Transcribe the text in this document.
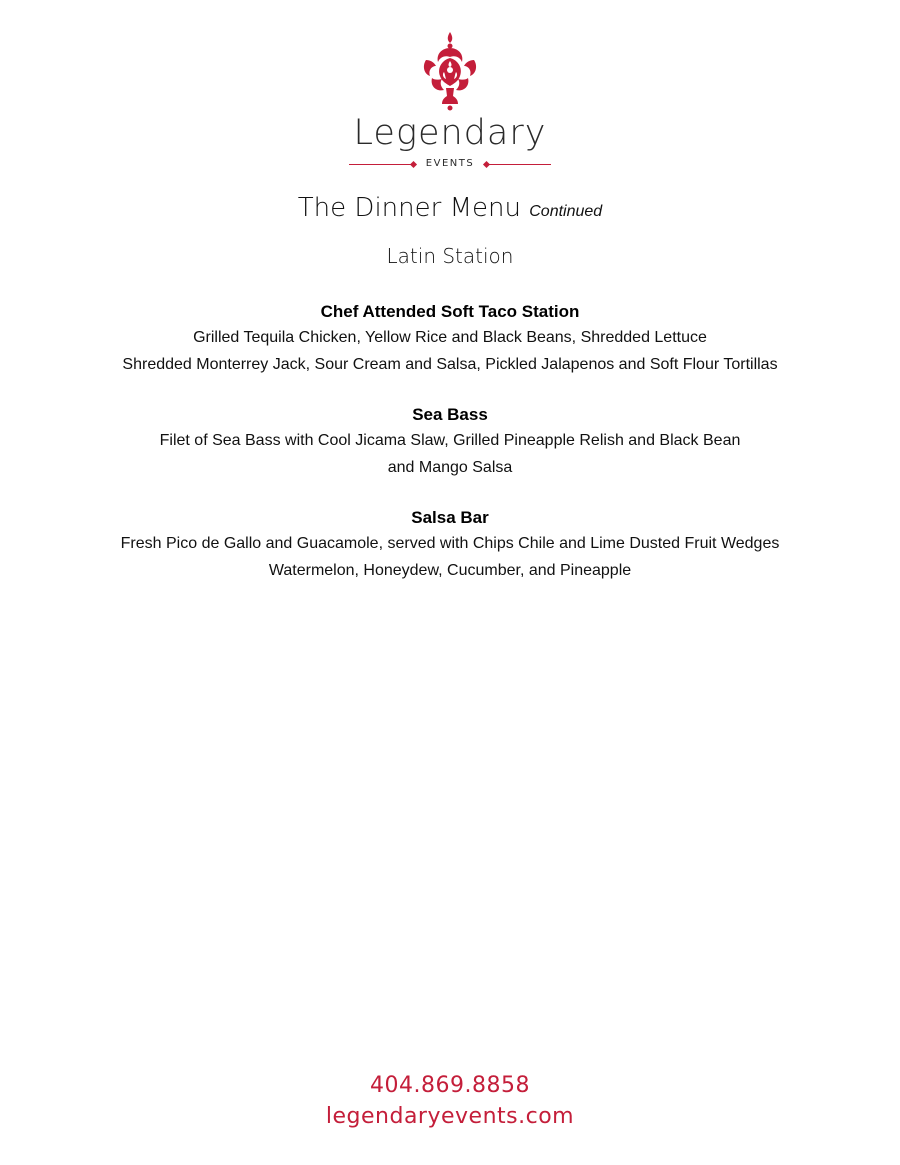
Legendary
EVENTS
The Dinner Menu Continued
Latin Station
Chef Attended Soft Taco Station
Grilled Tequila Chicken, Yellow Rice and Black Beans, Shredded Lettuce
Shredded Monterrey Jack, Sour Cream and Salsa, Pickled Jalapenos and Soft Flour Tortillas
Sea Bass
Filet of Sea Bass with Cool Jicama Slaw, Grilled Pineapple Relish and Black Bean
and Mango Salsa
Salsa Bar
Fresh Pico de Gallo and Guacamole, served with Chips Chile and Lime Dusted Fruit Wedges
Watermelon, Honeydew, Cucumber, and Pineapple
404.869.8858
legendaryevents.com
